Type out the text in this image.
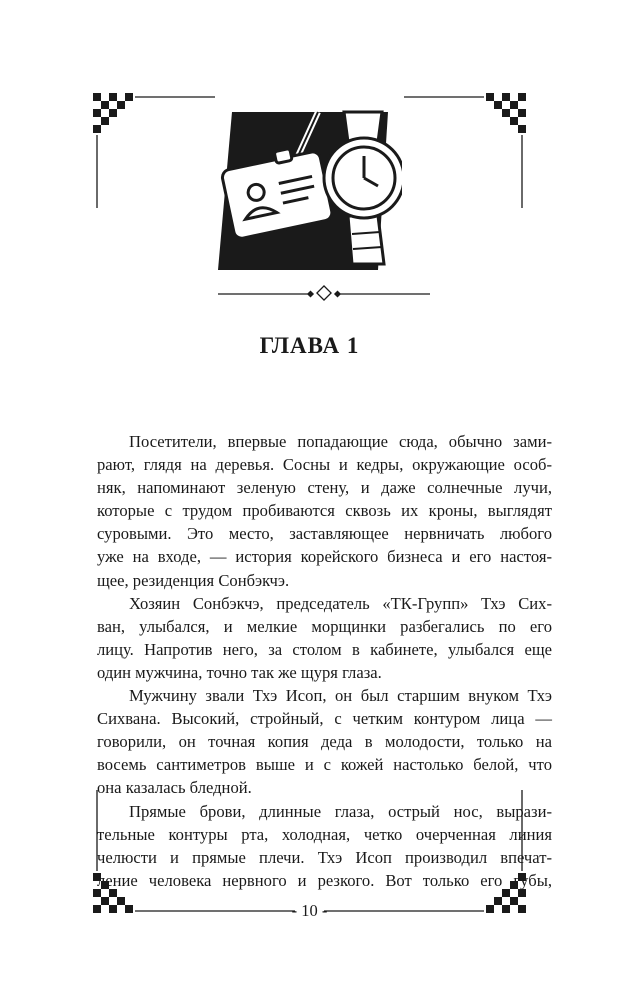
ГЛАВА 1
Посетители, впервые попадающие сюда, обычно зами-
рают, глядя на деревья. Сосны и кедры, окружающие особ-
няк, напоминают зеленую стену, и даже солнечные лучи,
которые с трудом пробиваются сквозь их кроны, выглядят
суровыми. Это место, заставляющее нервничать любого
уже на входе, — история корейского бизнеса и его настоя-
щее, резиденция Сонбэкчэ.
Хозяин Сонбэкчэ, председатель «ТК-Групп» Тхэ Сих-
ван, улыбался, и мелкие морщинки разбегались по его
лицу. Напротив него, за столом в кабинете, улыбался еще
один мужчина, точно так же щуря глаза.
Мужчину звали Тхэ Исоп, он был старшим внуком Тхэ
Сихвана. Высокий, стройный, с четким контуром лица —
говорили, он точная копия деда в молодости, только на
восемь сантиметров выше и с кожей настолько белой, что
она казалась бледной.
Прямые брови, длинные глаза, острый нос, вырази-
тельные контуры рта, холодная, четко очерченная линия
челюсти и прямые плечи. Тхэ Исоп производил впечат-
ление человека нервного и резкого. Вот только его губы,
- 10 -
